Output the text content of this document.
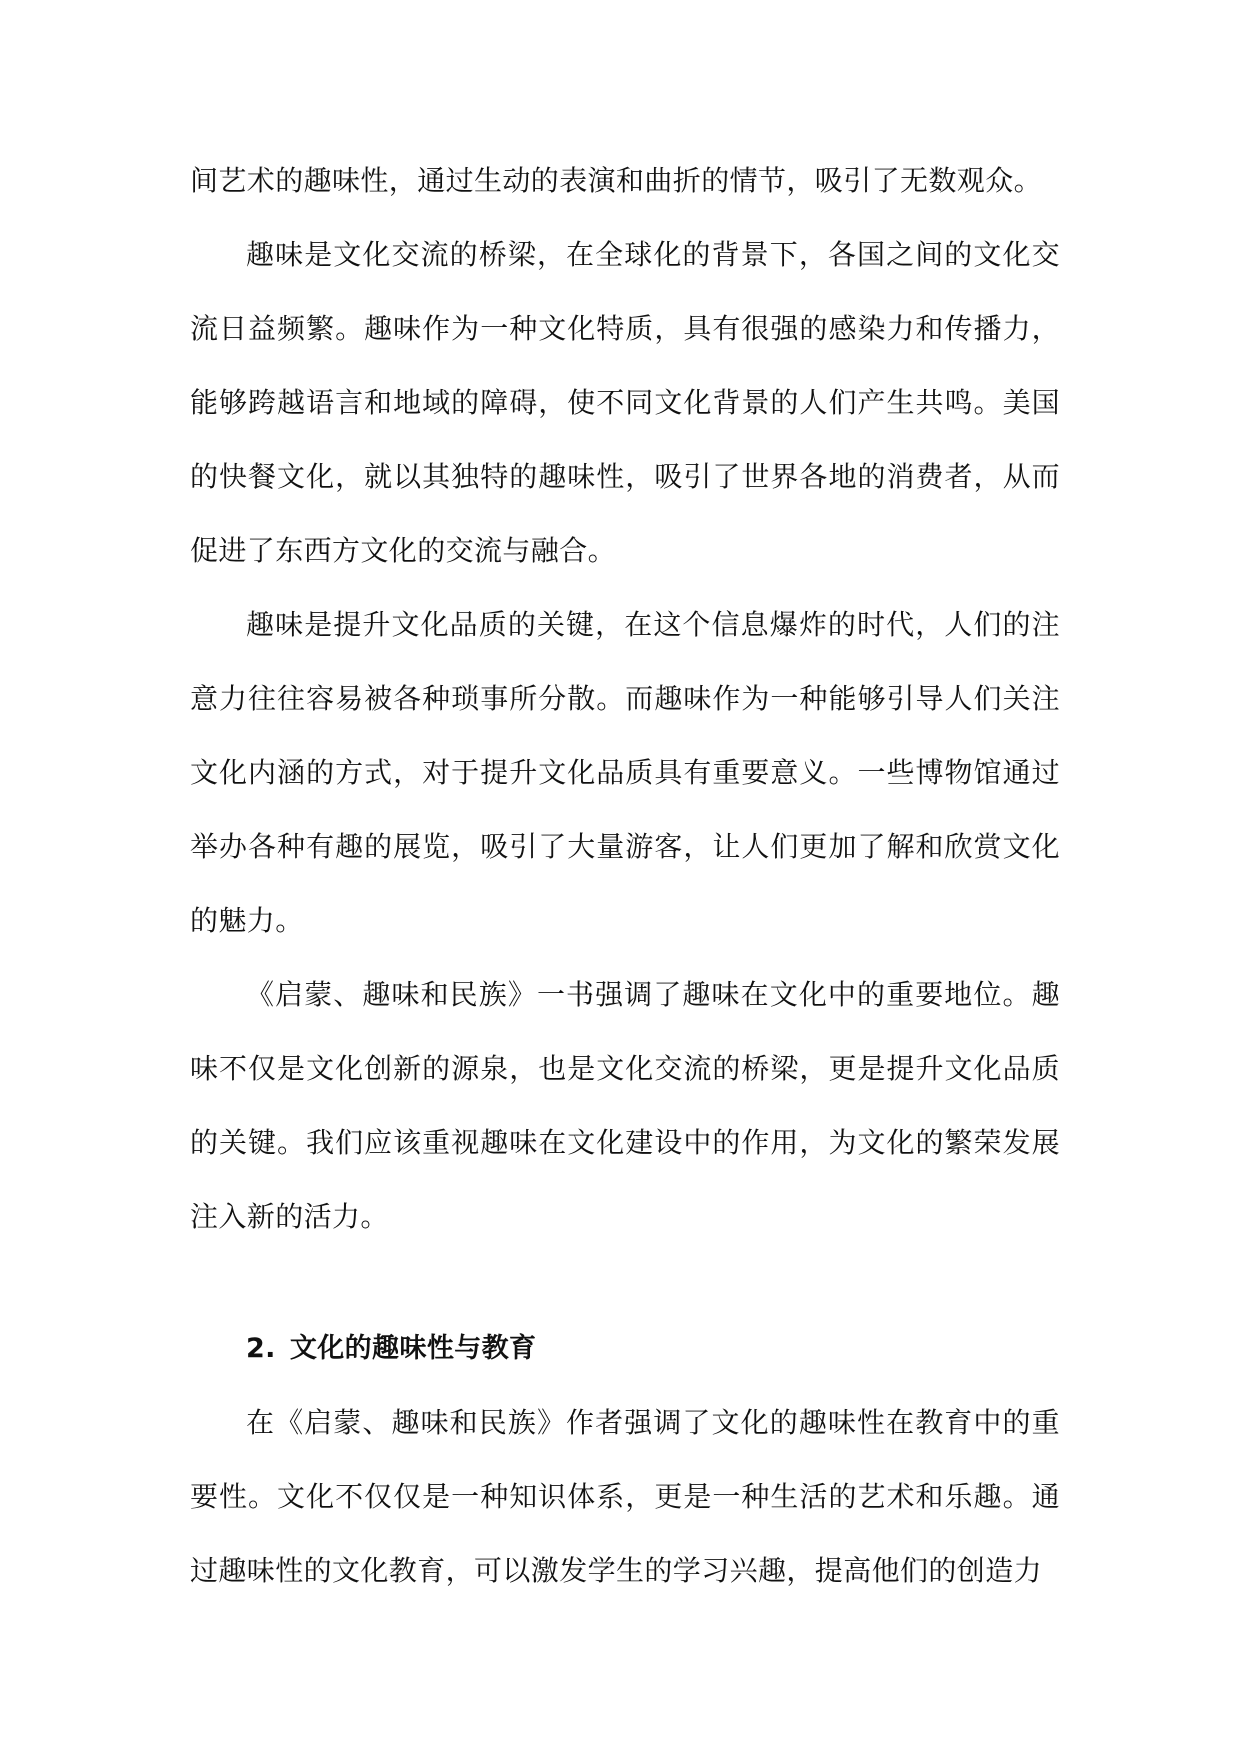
间艺术的趣味性，通过生动的表演和曲折的情节，吸引了无数观众。

趣味是文化交流的桥梁，在全球化的背景下，各国之间的文化交流日益频繁。趣味作为一种文化特质，具有很强的感染力和传播力，能够跨越语言和地域的障碍，使不同文化背景的人们产生共鸣。美国的快餐文化，就以其独特的趣味性，吸引了世界各地的消费者，从而促进了东西方文化的交流与融合。

趣味是提升文化品质的关键，在这个信息爆炸的时代，人们的注意力往往容易被各种琐事所分散。而趣味作为一种能够引导人们关注文化内涵的方式，对于提升文化品质具有重要意义。一些博物馆通过举办各种有趣的展览，吸引了大量游客，让人们更加了解和欣赏文化的魅力。

《启蒙、趣味和民族》一书强调了趣味在文化中的重要地位。趣味不仅是文化创新的源泉，也是文化交流的桥梁，更是提升文化品质的关键。我们应该重视趣味在文化建设中的作用，为文化的繁荣发展注入新的活力。

2. 文化的趣味性与教育

在《启蒙、趣味和民族》作者强调了文化的趣味性在教育中的重要性。文化不仅仅是一种知识体系，更是一种生活的艺术和乐趣。通过趣味性的文化教育，可以激发学生的学习兴趣，提高他们的创造力
